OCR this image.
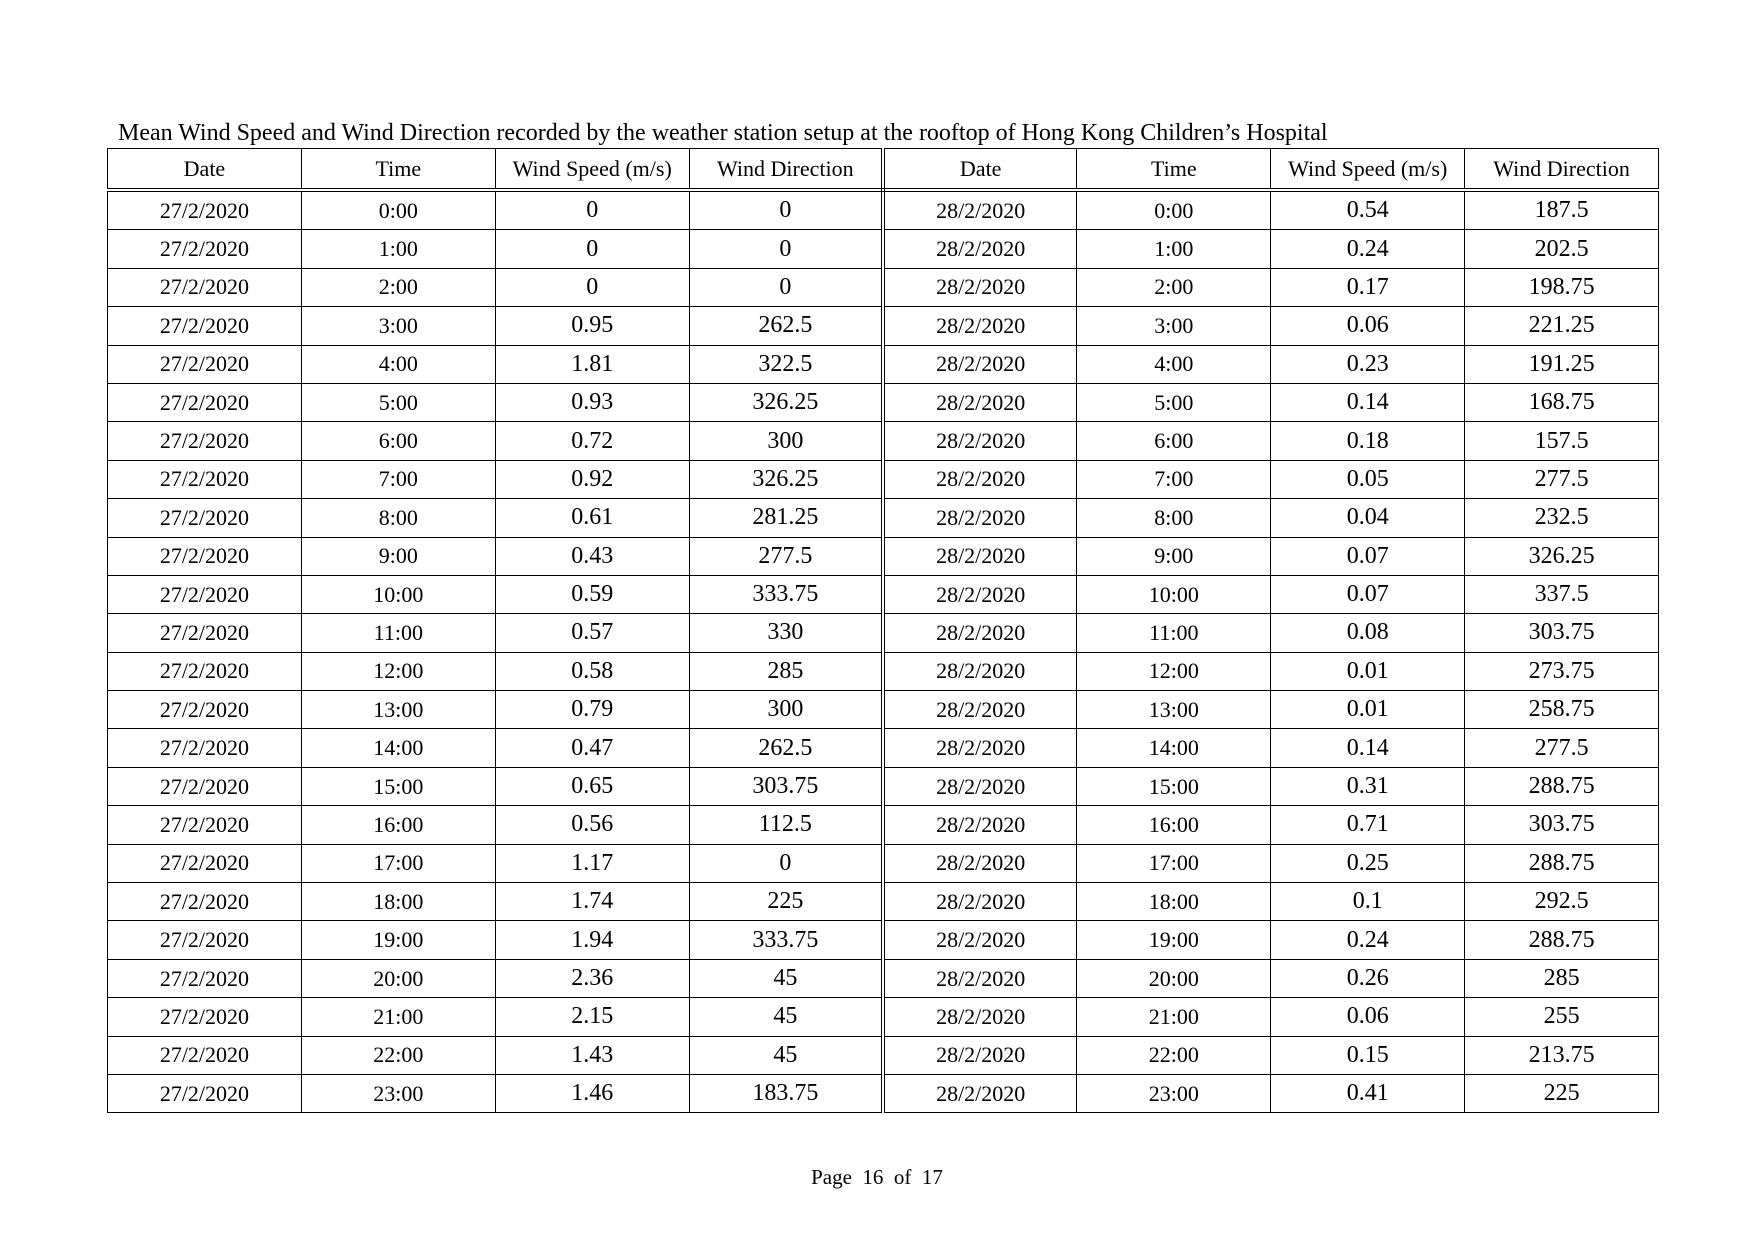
Mean Wind Speed and Wind Direction recorded by the weather station setup at the rooftop of Hong Kong Children’s Hospital
Date	Time	Wind Speed (m/s)	Wind Direction	Date	Time	Wind Speed (m/s)	Wind Direction
27/2/2020	0:00	0	0	28/2/2020	0:00	0.54	187.5
27/2/2020	1:00	0	0	28/2/2020	1:00	0.24	202.5
27/2/2020	2:00	0	0	28/2/2020	2:00	0.17	198.75
27/2/2020	3:00	0.95	262.5	28/2/2020	3:00	0.06	221.25
27/2/2020	4:00	1.81	322.5	28/2/2020	4:00	0.23	191.25
27/2/2020	5:00	0.93	326.25	28/2/2020	5:00	0.14	168.75
27/2/2020	6:00	0.72	300	28/2/2020	6:00	0.18	157.5
27/2/2020	7:00	0.92	326.25	28/2/2020	7:00	0.05	277.5
27/2/2020	8:00	0.61	281.25	28/2/2020	8:00	0.04	232.5
27/2/2020	9:00	0.43	277.5	28/2/2020	9:00	0.07	326.25
27/2/2020	10:00	0.59	333.75	28/2/2020	10:00	0.07	337.5
27/2/2020	11:00	0.57	330	28/2/2020	11:00	0.08	303.75
27/2/2020	12:00	0.58	285	28/2/2020	12:00	0.01	273.75
27/2/2020	13:00	0.79	300	28/2/2020	13:00	0.01	258.75
27/2/2020	14:00	0.47	262.5	28/2/2020	14:00	0.14	277.5
27/2/2020	15:00	0.65	303.75	28/2/2020	15:00	0.31	288.75
27/2/2020	16:00	0.56	112.5	28/2/2020	16:00	0.71	303.75
27/2/2020	17:00	1.17	0	28/2/2020	17:00	0.25	288.75
27/2/2020	18:00	1.74	225	28/2/2020	18:00	0.1	292.5
27/2/2020	19:00	1.94	333.75	28/2/2020	19:00	0.24	288.75
27/2/2020	20:00	2.36	45	28/2/2020	20:00	0.26	285
27/2/2020	21:00	2.15	45	28/2/2020	21:00	0.06	255
27/2/2020	22:00	1.43	45	28/2/2020	22:00	0.15	213.75
27/2/2020	23:00	1.46	183.75	28/2/2020	23:00	0.41	225
Page  16  of  17
